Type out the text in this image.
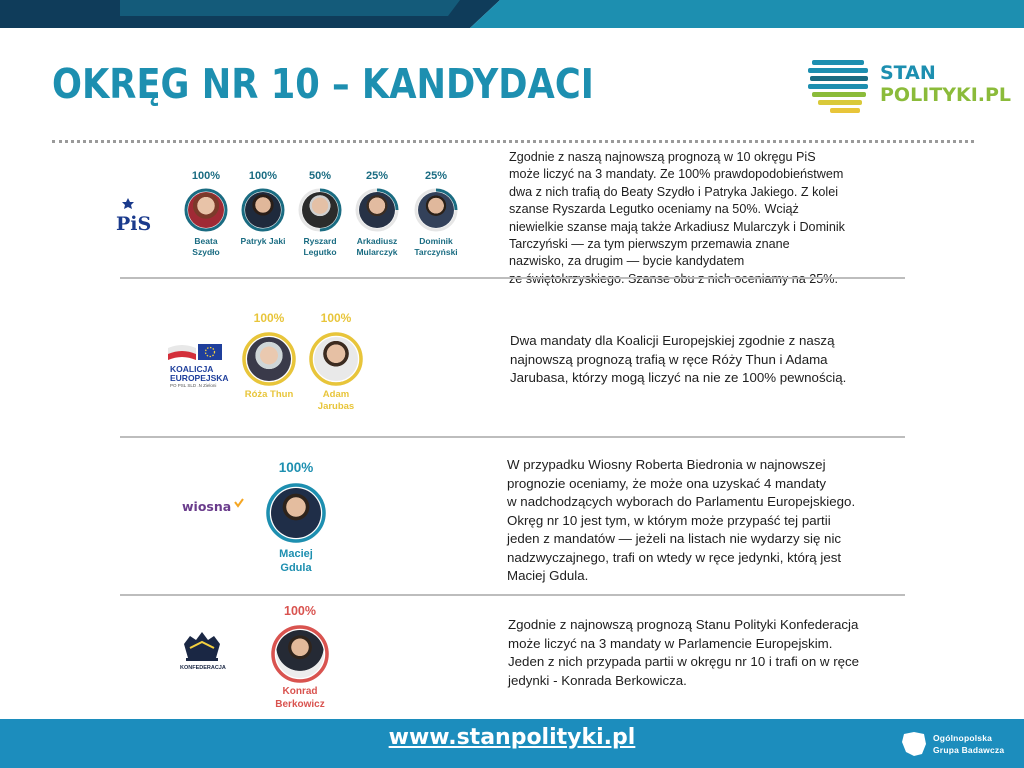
OKRĘG NR 10 – KANDYDACI	STAN
POLITYKI.PL
PiS
100%
Beata
Szydło
100%
Patryk Jaki
50%
Ryszard
Legutko
25%
Arkadiusz
Mularczyk
25%
Dominik
Tarczyński
Zgodnie z naszą najnowszą prognozą w 10 okręgu PiS
może liczyć na 3 mandaty. Ze 100% prawdopodobieństwem
dwa z nich trafią do Beaty Szydło i Patryka Jakiego. Z kolei
szanse Ryszarda Legutko oceniamy na 50%. Wciąż
niewielkie szanse mają także Arkadiusz Mularczyk i Dominik
Tarczyński — za tym pierwszym przemawia znane
nazwisko, za drugim — bycie kandydatem
ze świętokrzyskiego. Szanse obu z nich oceniamy na 25%.
KOALICJA
EUROPEJSKA
PO PSL SLD .N Zieloni
100%
Róża Thun
100%
Adam
Jarubas
Dwa mandaty dla Koalicji Europejskiej zgodnie z naszą
najnowszą prognozą trafią w ręce Róży Thun i Adama
Jarubasa, którzy mogą liczyć na nie ze 100% pewnością.
wiosna
100%
Maciej
Gdula
W przypadku Wiosny Roberta Biedronia w najnowszej
prognozie oceniamy, że może ona uzyskać 4 mandaty
w nadchodzących wyborach do Parlamentu Europejskiego.
Okręg nr 10 jest tym, w którym może przypaść tej partii
jeden z mandatów — jeżeli na listach nie wydarzy się nic
nadzwyczajnego, trafi on wtedy w ręce jedynki, którą jest
Maciej Gdula.
KONFEDERACJA
100%
Konrad
Berkowicz
Zgodnie z najnowszą prognozą Stanu Polityki Konfederacja
może liczyć na 3 mandaty w Parlamencie Europejskim.
Jeden z nich przypada partii w okręgu nr 10 i trafi on w ręce
jedynki - Konrada Berkowicza.
www.stanpolityki.pl	Ogólnopolska
Grupa Badawcza
